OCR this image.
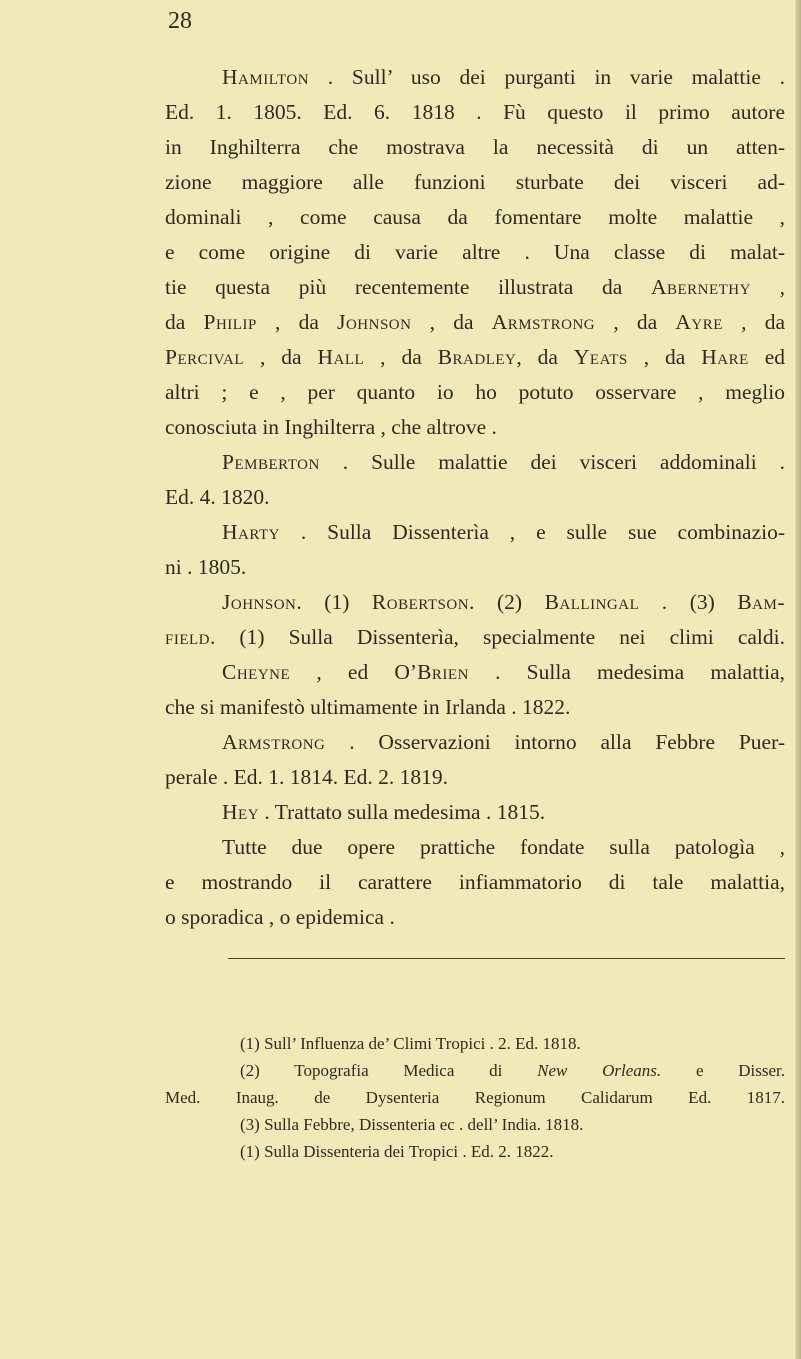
28
Hamilton . Sull’ uso dei purganti in varie malattie .
Ed. 1. 1805. Ed. 6. 1818 . Fù questo il primo autore
in Inghilterra che mostrava la necessità di un atten-
zione maggiore alle funzioni sturbate dei visceri ad-
dominali , come causa da fomentare molte malattie ,
e come origine di varie altre . Una classe di malat-
tie questa più recentemente illustrata da Abernethy ,
da Philip , da Johnson , da Armstrong , da Ayre , da
Percival , da Hall , da Bradley, da Yeats , da Hare ed
altri ; e , per quanto io ho potuto osservare , meglio
conosciuta in Inghilterra , che altrove .
Pemberton . Sulle malattie dei visceri addominali .
Ed. 4. 1820.
Harty . Sulla Dissenterìa , e sulle sue combinazio-
ni . 1805.
Johnson. (1) Robertson. (2) Ballingal . (3) Bam-
field. (1) Sulla Dissenterìa, specialmente nei climi caldi.
Cheyne , ed O’Brien . Sulla medesima malattia,
che si manifestò ultimamente in Irlanda . 1822.
Armstrong . Osservazioni intorno alla Febbre Puer-
perale . Ed. 1. 1814. Ed. 2. 1819.
Hey . Trattato sulla medesima . 1815.
Tutte due opere prattiche fondate sulla patologìa ,
e mostrando il carattere infiammatorio di tale malattia,
o sporadica , o epidemica .
(1) Sull’ Influenza de’ Climi Tropici . 2. Ed. 1818.
(2) Topografia Medica di New Orleans. e Disser.
Med. Inaug. de Dysenteria Regionum Calidarum Ed. 1817.
(3) Sulla Febbre, Dissenteria ec . dell’ India. 1818.
(1) Sulla Dissenteria dei Tropici . Ed. 2. 1822.
